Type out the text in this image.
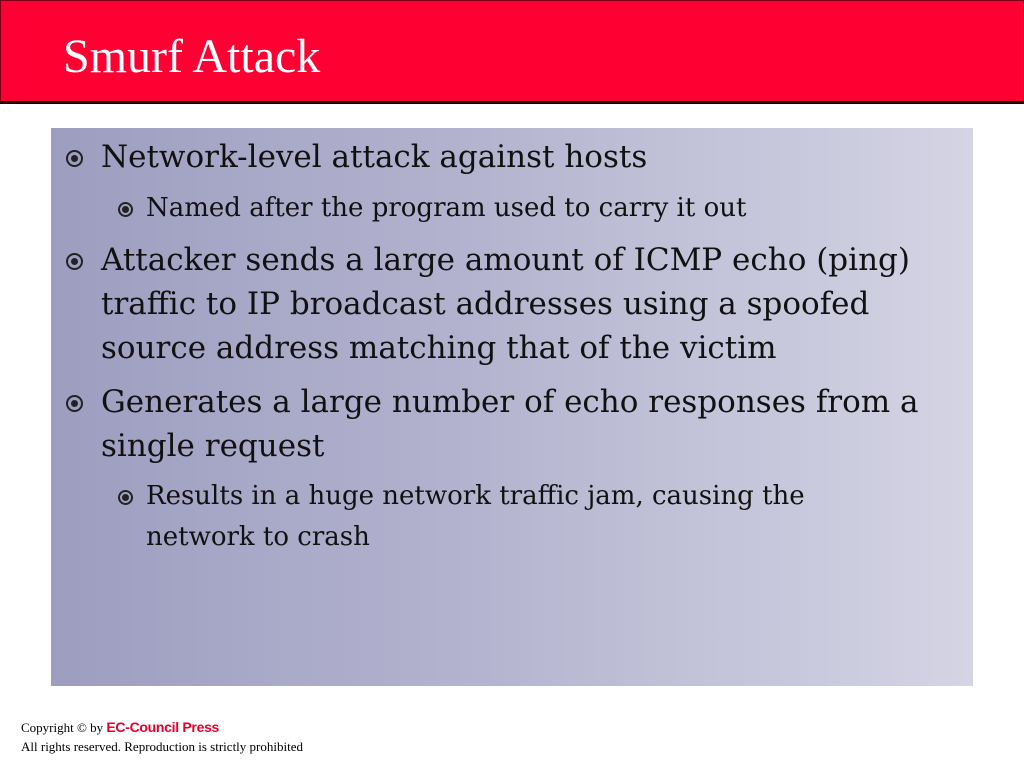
Smurf Attack
Network-level attack against hosts
Named after the program used to carry it out
Attacker sends a large amount of ICMP echo (ping) traffic to IP broadcast addresses using a spoofed source address matching that of the victim
Generates a large number of echo responses from a single request
Results in a huge network traffic jam, causing the network to crash
Copyright © by EC-Council Press
All rights reserved. Reproduction is strictly prohibited
